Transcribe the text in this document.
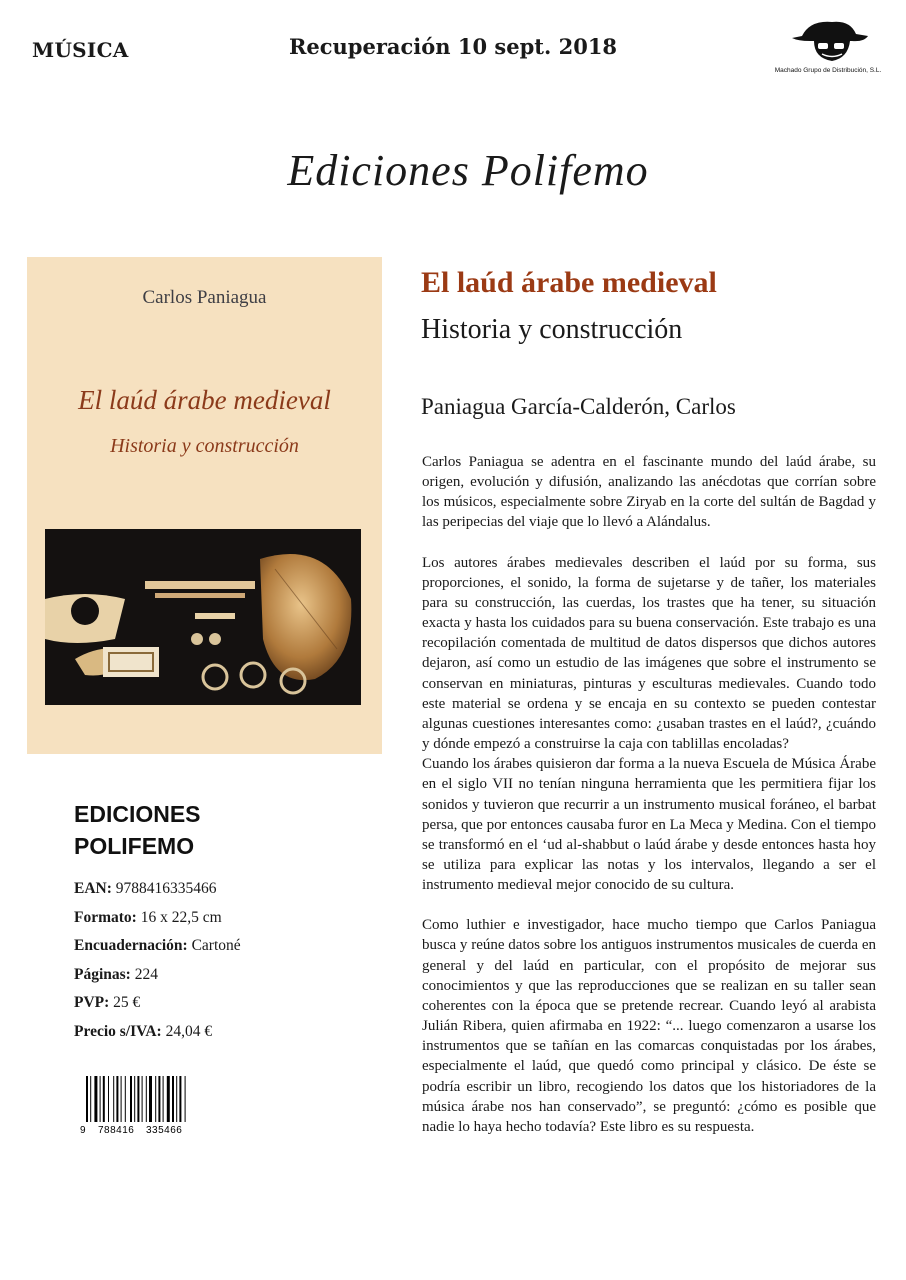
MÚSICA	Recuperación 10 sept. 2018
Machado Grupo de Distribución, S.L.
Ediciones Polifemo
Carlos Paniagua
El laúd árabe medieval
Historia y construcción
EDICIONES
POLIFEMO
EAN: 9788416335466
Formato: 16 x 22,5 cm
Encuadernación: Cartoné
Páginas: 224
PVP: 25 €
Precio s/IVA: 24,04 €
9 788416 335466
El laúd árabe medieval
Historia y construcción
Paniagua García-Calderón, Carlos

Carlos Paniagua se adentra en el fascinante mundo del laúd árabe, su origen, evolución y difusión, analizando las anécdotas que corrían sobre los músicos, especialmente sobre Ziryab en la corte del sultán de Bagdad y las peripecias del viaje que lo llevó a Alándalus.

Los autores árabes medievales describen el laúd por su forma, sus proporciones, el sonido, la forma de sujetarse y de tañer, los materiales para su construcción, las cuerdas, los trastes que ha tener, su situación exacta y hasta los cuidados para su buena conservación. Este trabajo es una recopilación comentada de multitud de datos dispersos que dichos autores dejaron, así como un estudio de las imágenes que sobre el instrumento se conservan en miniaturas, pinturas y esculturas medievales. Cuando todo este material se ordena y se encaja en su contexto se pueden contestar algunas cuestiones interesantes como: ¿usaban trastes en el laúd?, ¿cuándo y dónde empezó a construirse la caja con tablillas encoladas?

Cuando los árabes quisieron dar forma a la nueva Escuela de Música Árabe en el siglo VII no tenían ninguna herramienta que les permitiera fijar los sonidos y tuvieron que recurrir a un instrumento musical foráneo, el barbat persa, que por entonces causaba furor en La Meca y Medina. Con el tiempo se transformó en el ‘ud al-shabbut o laúd árabe y desde entonces hasta hoy se utiliza para explicar las notas y los intervalos, llegando a ser el instrumento medieval mejor conocido de su cultura.

Como luthier e investigador, hace mucho tiempo que Carlos Paniagua busca y reúne datos sobre los antiguos instrumentos musicales de cuerda en general y del laúd en particular, con el propósito de mejorar sus conocimientos y que las reproducciones que se realizan en su taller sean coherentes con la época que se pretende recrear. Cuando leyó al arabista Julián Ribera, quien afirmaba en 1922: “... luego comenzaron a usarse los instrumentos que se tañían en las comarcas conquistadas por los árabes, especialmente el laúd, que quedó como principal y clásico. De éste se podría escribir un libro, recogiendo los datos que los historiadores de la música árabe nos han conservado”, se preguntó: ¿cómo es posible que nadie lo haya hecho todavía? Este libro es su respuesta.
